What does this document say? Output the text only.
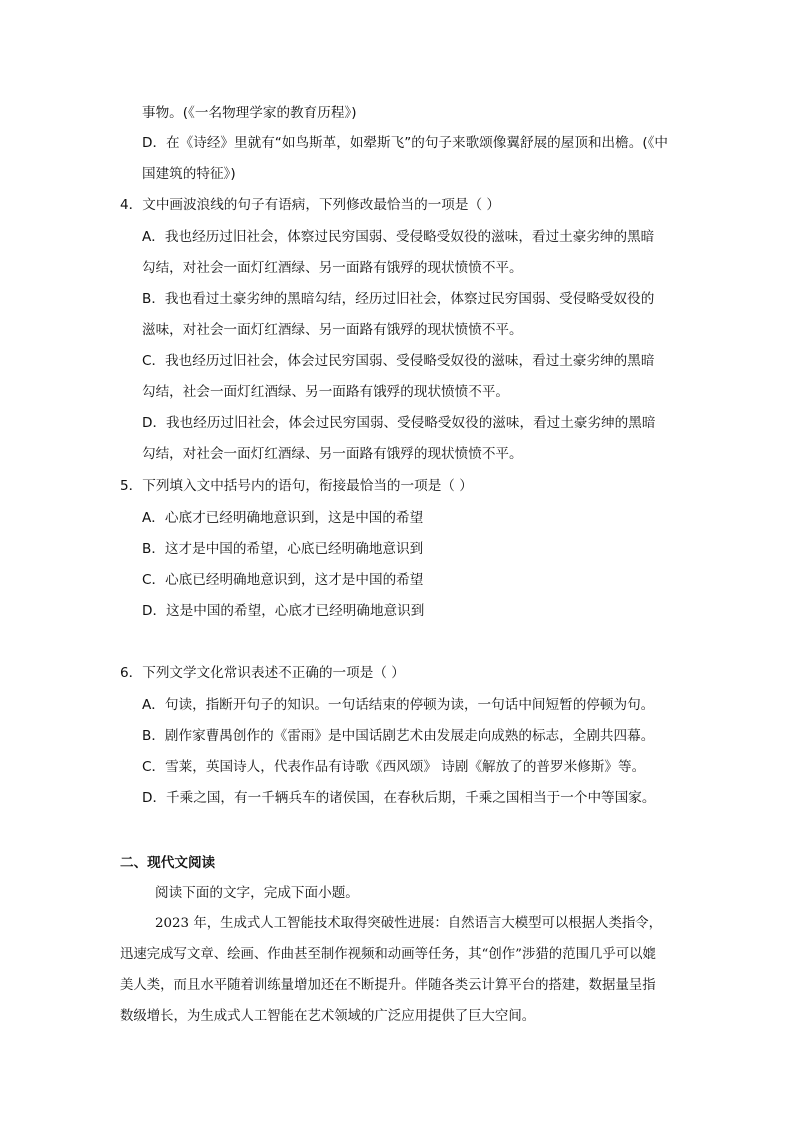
事物。(《一名物理学家的教育历程》)
D．在《诗经》里就有“如鸟斯革，如翚斯飞”的句子来歌颂像翼舒展的屋顶和出檐。(《中
国建筑的特征》)
4．文中画波浪线的句子有语病，下列修改最恰当的一项是（ ）
A．我也经历过旧社会，体察过民穷国弱、受侵略受奴役的滋味，看过土豪劣绅的黑暗
勾结，对社会一面灯红酒绿、另一面路有饿殍的现状愤愤不平。
B．我也看过土豪劣绅的黑暗勾结，经历过旧社会，体察过民穷国弱、受侵略受奴役的
滋味，对社会一面灯红酒绿、另一面路有饿殍的现状愤愤不平。
C．我也经历过旧社会，体会过民穷国弱、受侵略受奴役的滋味，看过土豪劣绅的黑暗
勾结，社会一面灯红酒绿、另一面路有饿殍的现状愤愤不平。
D．我也经历过旧社会，体会过民穷国弱、受侵略受奴役的滋味，看过土豪劣绅的黑暗
勾结，对社会一面灯红酒绿、另一面路有饿殍的现状愤愤不平。
5．下列填入文中括号内的语句，衔接最恰当的一项是（ ）
A．心底才已经明确地意识到，这是中国的希望
B．这才是中国的希望，心底已经明确地意识到
C．心底已经明确地意识到，这才是中国的希望
D．这是中国的希望，心底才已经明确地意识到
6．下列文学文化常识表述不正确的一项是（ ）
A．句读，指断开句子的知识。一句话结束的停顿为读，一句话中间短暂的停顿为句。
B．剧作家曹禺创作的《雷雨》是中国话剧艺术由发展走向成熟的标志，全剧共四幕。
C．雪莱，英国诗人，代表作品有诗歌《西风颂》 诗剧《解放了的普罗米修斯》等。
D．千乘之国，有一千辆兵车的诸侯国，在春秋后期，千乘之国相当于一个中等国家。
二、现代文阅读
阅读下面的文字，完成下面小题。
2023 年，生成式人工智能技术取得突破性进展：自然语言大模型可以根据人类指令，
迅速完成写文章、绘画、作曲甚至制作视频和动画等任务，其“创作”涉猎的范围几乎可以媲
美人类，而且水平随着训练量增加还在不断提升。伴随各类云计算平台的搭建，数据量呈指
数级增长，为生成式人工智能在艺术领域的广泛应用提供了巨大空间。
